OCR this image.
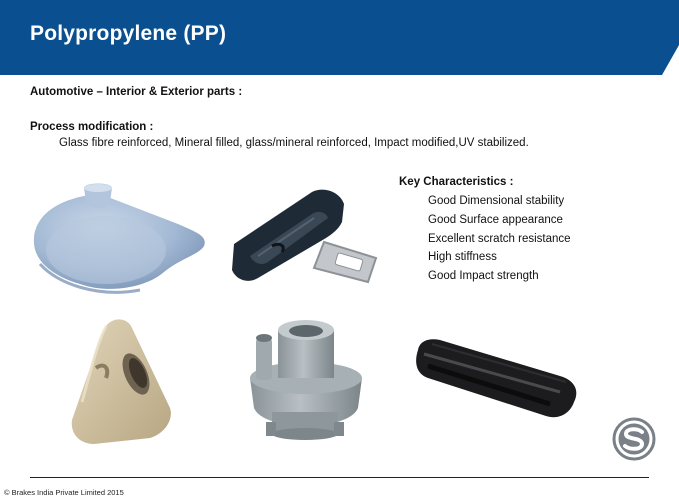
Polypropylene (PP)
Automotive – Interior & Exterior parts :
Process modification :
Glass fibre reinforced, Mineral filled, glass/mineral reinforced, Impact modified,UV stabilized.
Key Characteristics :
Good Dimensional stability
Good Surface appearance
Excellent scratch resistance
High stiffness
Good Impact strength
© Brakes India Private Limited 2015
